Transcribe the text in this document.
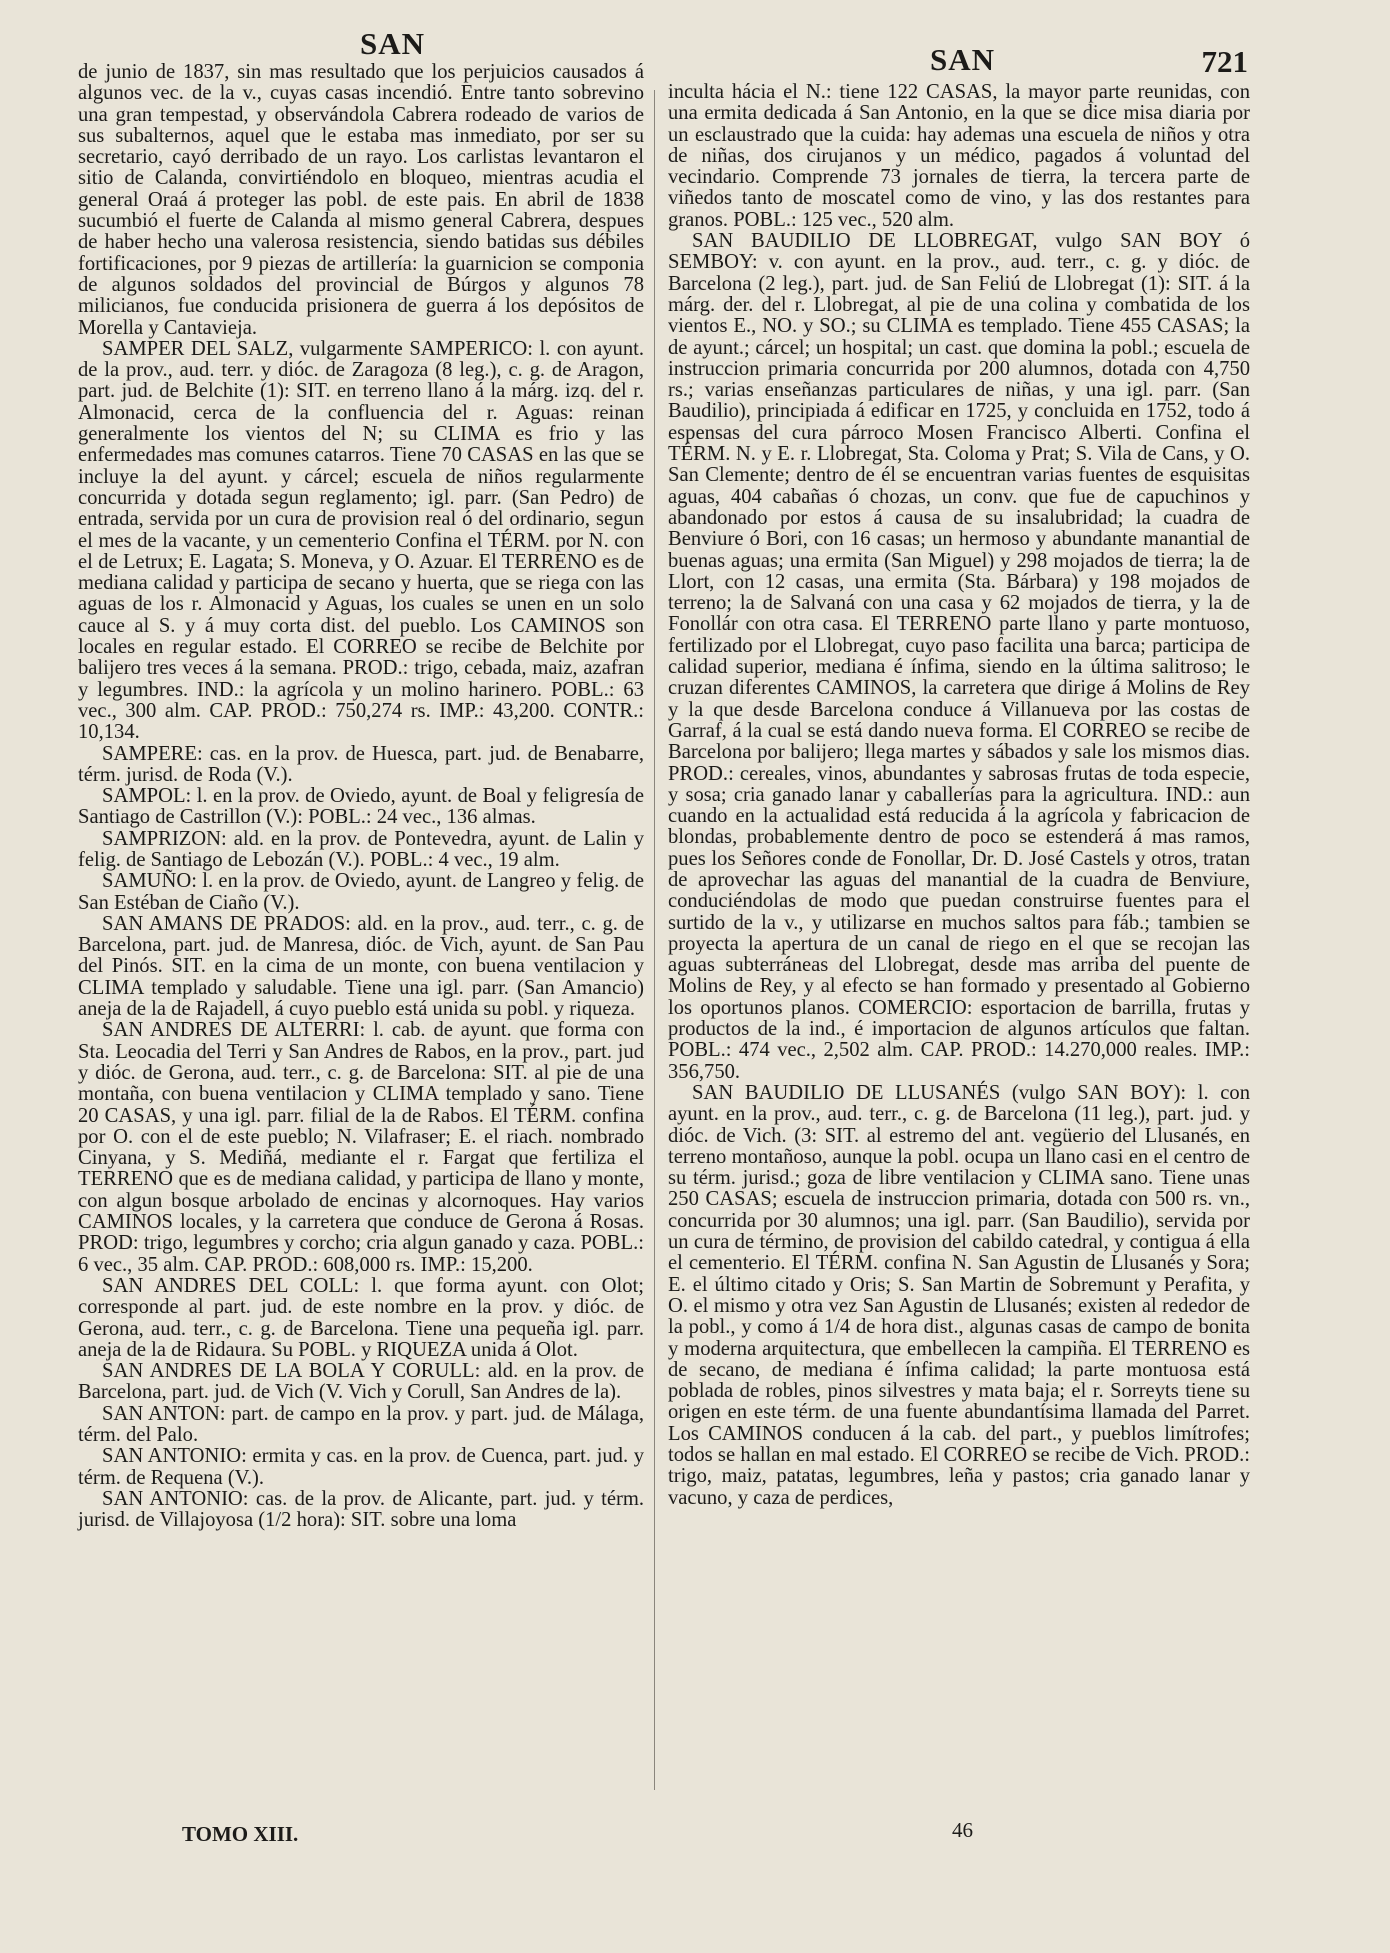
SAN	SAN	721

de junio de 1837, sin mas resultado que los perjuicios causados á algunos vec. de la v., cuyas casas incendió. Entre tanto sobrevino una gran tempestad, y observándola Cabrera rodeado de varios de sus subalternos, aquel que le estaba mas inmediato, por ser su secretario, cayó derribado de un rayo. Los carlistas levantaron el sitio de Calanda, convirtiéndolo en bloqueo, mientras acudia el general Oraá á proteger las pobl. de este pais. En abril de 1838 sucumbió el fuerte de Calanda al mismo general Cabrera, despues de haber hecho una valerosa resistencia, siendo batidas sus débiles fortificaciones, por 9 piezas de artillería: la guarnicion se componia de algunos soldados del provincial de Búrgos y algunos 78 milicianos, fue conducida prisionera de guerra á los depósitos de Morella y Cantavieja.

SAMPER DEL SALZ, vulgarmente SAMPERICO: l. con ayunt. de la prov., aud. terr. y dióc. de Zaragoza (8 leg.), c. g. de Aragon, part. jud. de Belchite (1): SIT. en terreno llano á la márg. izq. del r. Almonacid, cerca de la confluencia del r. Aguas: reinan generalmente los vientos del N; su CLIMA es frio y las enfermedades mas comunes catarros. Tiene 70 CASAS en las que se incluye la del ayunt. y cárcel; escuela de niños regularmente concurrida y dotada segun reglamento; igl. parr. (San Pedro) de entrada, servida por un cura de provision real ó del ordinario, segun el mes de la vacante, y un cementerio Confina el TÉRM. por N. con el de Letrux; E. Lagata; S. Moneva, y O. Azuar. El TERRENO es de mediana calidad y participa de secano y huerta, que se riega con las aguas de los r. Almonacid y Aguas, los cuales se unen en un solo cauce al S. y á muy corta dist. del pueblo. Los CAMINOS son locales en regular estado. El CORREO se recibe de Belchite por balijero tres veces á la semana. PROD.: trigo, cebada, maiz, azafran y legumbres. IND.: la agrícola y un molino harinero. POBL.: 63 vec., 300 alm. CAP. PROD.: 750,274 rs. IMP.: 43,200. CONTR.: 10,134.

SAMPERE: cas. en la prov. de Huesca, part. jud. de Benabarre, térm. jurisd. de Roda (V.).

SAMPOL: l. en la prov. de Oviedo, ayunt. de Boal y feligresía de Santiago de Castrillon (V.): POBL.: 24 vec., 136 almas.

SAMPRIZON: ald. en la prov. de Pontevedra, ayunt. de Lalin y felig. de Santiago de Lebozán (V.). POBL.: 4 vec., 19 alm.

SAMUÑO: l. en la prov. de Oviedo, ayunt. de Langreo y felig. de San Estéban de Ciaño (V.).

SAN AMANS DE PRADOS: ald. en la prov., aud. terr., c. g. de Barcelona, part. jud. de Manresa, dióc. de Vich, ayunt. de San Pau del Pinós. SIT. en la cima de un monte, con buena ventilacion y CLIMA templado y saludable. Tiene una igl. parr. (San Amancio) aneja de la de Rajadell, á cuyo pueblo está unida su pobl. y riqueza.

SAN ANDRES DE ALTERRI: l. cab. de ayunt. que forma con Sta. Leocadia del Terri y San Andres de Rabos, en la prov., part. jud y dióc. de Gerona, aud. terr., c. g. de Barcelona: SIT. al pie de una montaña, con buena ventilacion y CLIMA templado y sano. Tiene 20 CASAS, y una igl. parr. filial de la de Rabos. El TÉRM. confina por O. con el de este pueblo; N. Vilafraser; E. el riach. nombrado Cinyana, y S. Mediñá, mediante el r. Fargat que fertiliza el TERRENO que es de mediana calidad, y participa de llano y monte, con algun bosque arbolado de encinas y alcornoques. Hay varios CAMINOS locales, y la carretera que conduce de Gerona á Rosas. PROD: trigo, legumbres y corcho; cria algun ganado y caza. POBL.: 6 vec., 35 alm. CAP. PROD.: 608,000 rs. IMP.: 15,200.

SAN ANDRES DEL COLL: l. que forma ayunt. con Olot; corresponde al part. jud. de este nombre en la prov. y dióc. de Gerona, aud. terr., c. g. de Barcelona. Tiene una pequeña igl. parr. aneja de la de Ridaura. Su POBL. y RIQUEZA unida á Olot.

SAN ANDRES DE LA BOLA Y CORULL: ald. en la prov. de Barcelona, part. jud. de Vich (V. Vich y Corull, San Andres de la).

SAN ANTON: part. de campo en la prov. y part. jud. de Málaga, térm. del Palo.

SAN ANTONIO: ermita y cas. en la prov. de Cuenca, part. jud. y térm. de Requena (V.).

SAN ANTONIO: cas. de la prov. de Alicante, part. jud. y térm. jurisd. de Villajoyosa (1/2 hora): SIT. sobre una loma

inculta hácia el N.: tiene 122 CASAS, la mayor parte reunidas, con una ermita dedicada á San Antonio, en la que se dice misa diaria por un esclaustrado que la cuida: hay ademas una escuela de niños y otra de niñas, dos cirujanos y un médico, pagados á voluntad del vecindario. Comprende 73 jornales de tierra, la tercera parte de viñedos tanto de moscatel como de vino, y las dos restantes para granos. POBL.: 125 vec., 520 alm.

SAN BAUDILIO DE LLOBREGAT, vulgo SAN BOY ó SEMBOY: v. con ayunt. en la prov., aud. terr., c. g. y dióc. de Barcelona (2 leg.), part. jud. de San Feliú de Llobregat (1): SIT. á la márg. der. del r. Llobregat, al pie de una colina y combatida de los vientos E., NO. y SO.; su CLIMA es templado. Tiene 455 CASAS; la de ayunt.; cárcel; un hospital; un cast. que domina la pobl.; escuela de instruccion primaria concurrida por 200 alumnos, dotada con 4,750 rs.; varias enseñanzas particulares de niñas, y una igl. parr. (San Baudilio), principiada á edificar en 1725, y concluida en 1752, todo á espensas del cura párroco Mosen Francisco Alberti. Confina el TÉRM. N. y E. r. Llobregat, Sta. Coloma y Prat; S. Vila de Cans, y O. San Clemente; dentro de él se encuentran varias fuentes de esquisitas aguas, 404 cabañas ó chozas, un conv. que fue de capuchinos y abandonado por estos á causa de su insalubridad; la cuadra de Benviure ó Bori, con 16 casas; un hermoso y abundante manantial de buenas aguas; una ermita (San Miguel) y 298 mojados de tierra; la de Llort, con 12 casas, una ermita (Sta. Bárbara) y 198 mojados de terreno; la de Salvaná con una casa y 62 mojados de tierra, y la de Fonollár con otra casa. El TERRENO parte llano y parte montuoso, fertilizado por el Llobregat, cuyo paso facilita una barca; participa de calidad superior, mediana é ínfima, siendo en la última salitroso; le cruzan diferentes CAMINOS, la carretera que dirige á Molins de Rey y la que desde Barcelona conduce á Villanueva por las costas de Garraf, á la cual se está dando nueva forma. El CORREO se recibe de Barcelona por balijero; llega martes y sábados y sale los mismos dias. PROD.: cereales, vinos, abundantes y sabrosas frutas de toda especie, y sosa; cria ganado lanar y caballerías para la agricultura. IND.: aun cuando en la actualidad está reducida á la agrícola y fabricacion de blondas, probablemente dentro de poco se estenderá á mas ramos, pues los Señores conde de Fonollar, Dr. D. José Castels y otros, tratan de aprovechar las aguas del manantial de la cuadra de Benviure, conduciéndolas de modo que puedan construirse fuentes para el surtido de la v., y utilizarse en muchos saltos para fáb.; tambien se proyecta la apertura de un canal de riego en el que se recojan las aguas subterráneas del Llobregat, desde mas arriba del puente de Molins de Rey, y al efecto se han formado y presentado al Gobierno los oportunos planos. COMERCIO: esportacion de barrilla, frutas y productos de la ind., é importacion de algunos artículos que faltan. POBL.: 474 vec., 2,502 alm. CAP. PROD.: 14.270,000 reales. IMP.: 356,750.

SAN BAUDILIO DE LLUSANÉS (vulgo SAN BOY): l. con ayunt. en la prov., aud. terr., c. g. de Barcelona (11 leg.), part. jud. y dióc. de Vich. (3: SIT. al estremo del ant. vegüerio del Llusanés, en terreno montañoso, aunque la pobl. ocupa un llano casi en el centro de su térm. jurisd.; goza de libre ventilacion y CLIMA sano. Tiene unas 250 CASAS; escuela de instruccion primaria, dotada con 500 rs. vn., concurrida por 30 alumnos; una igl. parr. (San Baudilio), servida por un cura de término, de provision del cabildo catedral, y contigua á ella el cementerio. El TÉRM. confina N. San Agustin de Llusanés y Sora; E. el último citado y Oris; S. San Martin de Sobremunt y Perafita, y O. el mismo y otra vez San Agustin de Llusanés; existen al rededor de la pobl., y como á 1/4 de hora dist., algunas casas de campo de bonita y moderna arquitectura, que embellecen la campiña. El TERRENO es de secano, de mediana é ínfima calidad; la parte montuosa está poblada de robles, pinos silvestres y mata baja; el r. Sorreyts tiene su origen en este térm. de una fuente abundantísima llamada del Parret. Los CAMINOS conducen á la cab. del part., y pueblos limítrofes; todos se hallan en mal estado. El CORREO se recibe de Vich. PROD.: trigo, maiz, patatas, legumbres, leña y pastos; cria ganado lanar y vacuno, y caza de perdices,

TOMO XIII.	46
